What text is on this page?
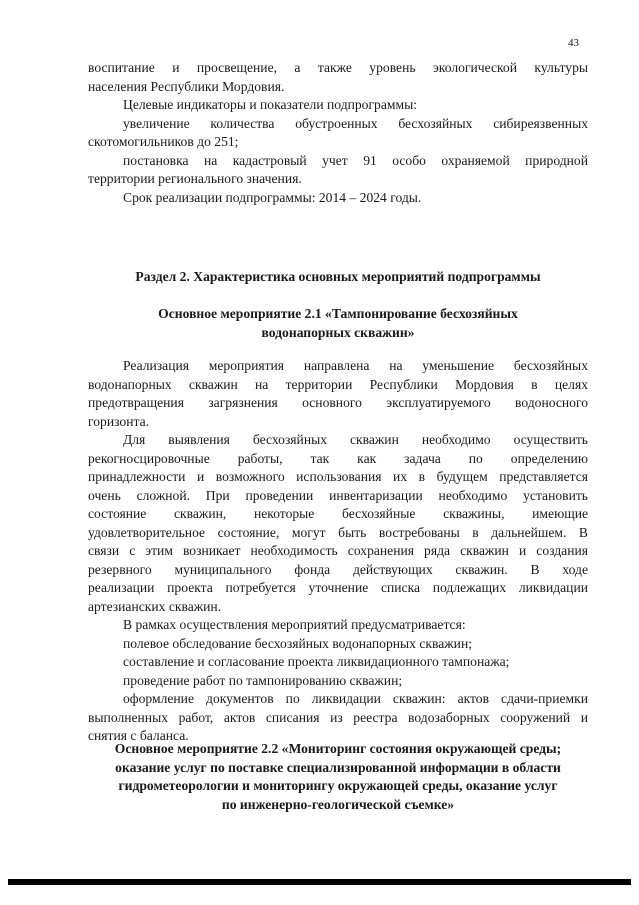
43
воспитание и просвещение, а также уровень экологической культуры
населения Республики Мордовия.
Целевые индикаторы и показатели подпрограммы:
увеличение количества обустроенных бесхозяйных сибиреязвенных
скотомогильников до 251;
постановка на кадастровый учет 91 особо охраняемой природной
территории регионального значения.
Срок реализации подпрограммы: 2014 – 2024 годы.
Раздел 2. Характеристика основных мероприятий подпрограммы
Основное мероприятие 2.1 «Тампонирование бесхозяйных
водонапорных скважин»
Реализация мероприятия направлена на уменьшение бесхозяйных
водонапорных скважин на территории Республики Мордовия в целях
предотвращения загрязнения основного эксплуатируемого водоносного
горизонта.
Для выявления бесхозяйных скважин необходимо осуществить
рекогносцировочные работы, так как задача по определению
принадлежности и возможного использования их в будущем представляется
очень сложной. При проведении инвентаризации необходимо установить
состояние скважин, некоторые бесхозяйные скважины, имеющие
удовлетворительное состояние, могут быть востребованы в дальнейшем. В
связи с этим возникает необходимость сохранения ряда скважин и создания
резервного муниципального фонда действующих скважин. В ходе
реализации проекта потребуется уточнение списка подлежащих ликвидации
артезианских скважин.
В рамках осуществления мероприятий предусматривается:
полевое обследование бесхозяйных водонапорных скважин;
составление и согласование проекта ликвидационного тампонажа;
проведение работ по тампонированию скважин;
оформление документов по ликвидации скважин: актов сдачи-приемки
выполненных работ, актов списания из реестра водозаборных сооружений и
снятия с баланса.
Основное мероприятие 2.2 «Мониторинг состояния окружающей среды;
оказание услуг по поставке специализированной информации в области
гидрометеорологии и мониторингу окружающей среды, оказание услуг
по инженерно-геологической съемке»
